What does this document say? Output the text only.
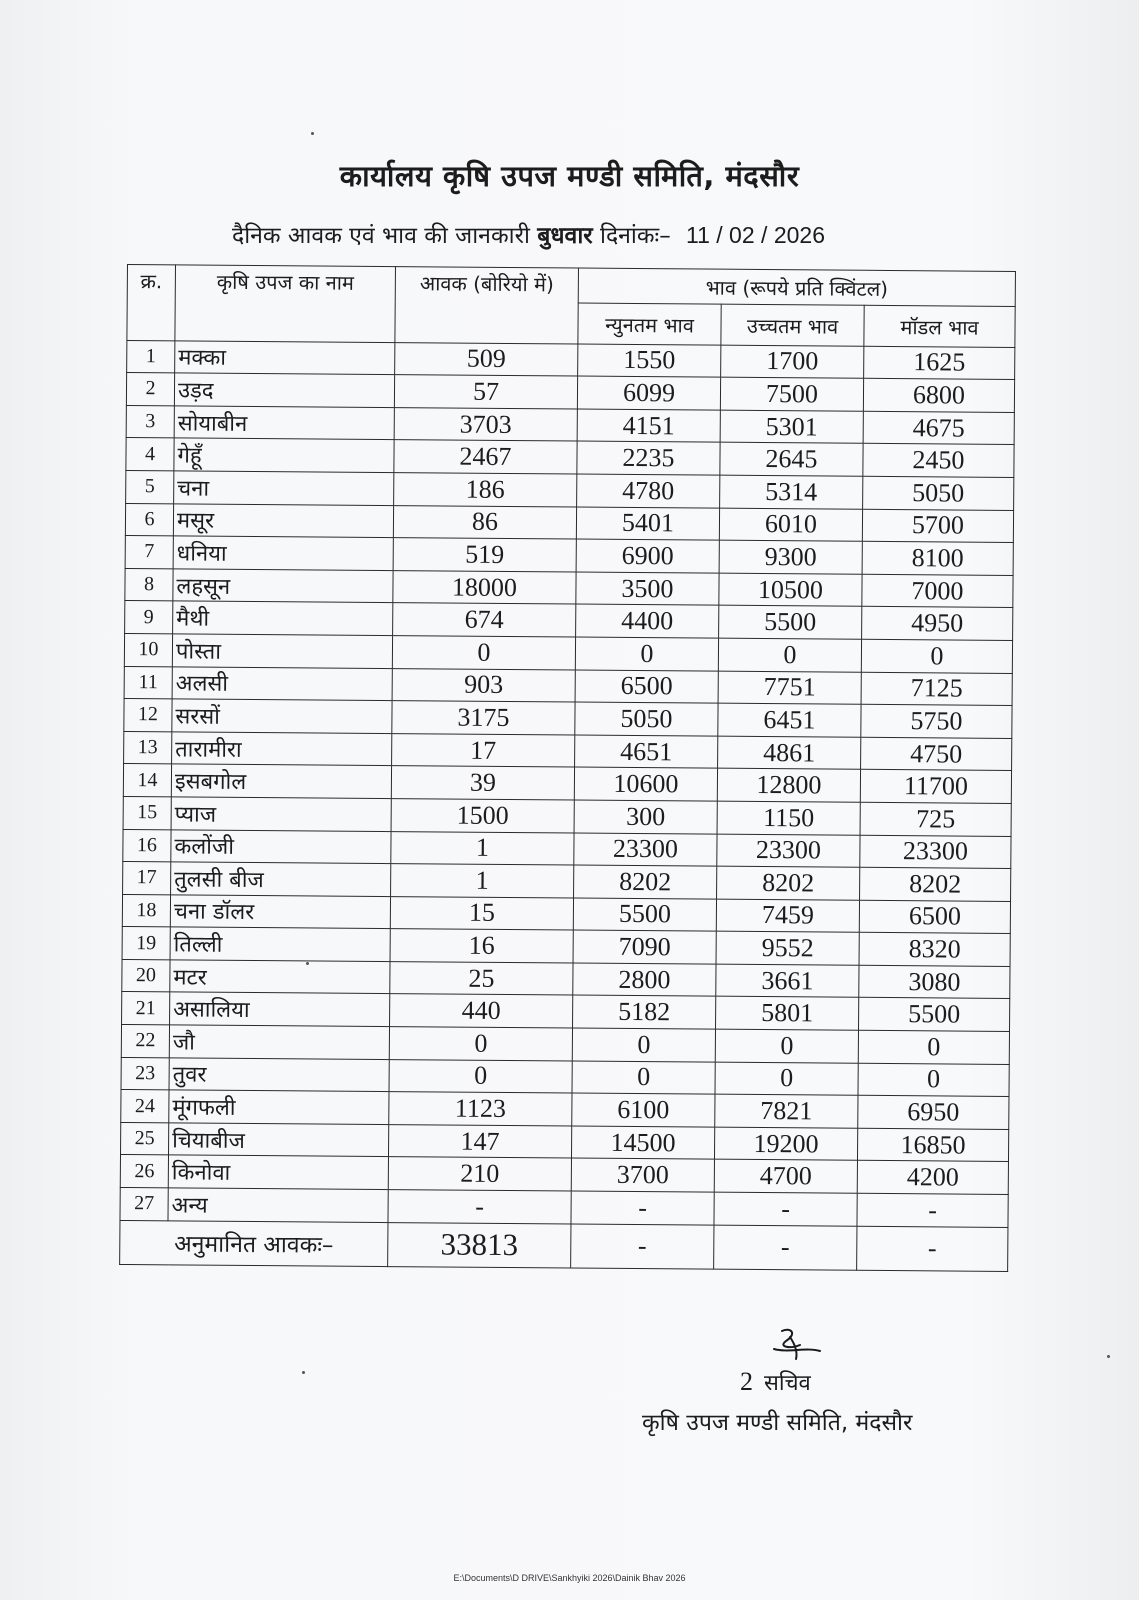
कार्यालय कृषि उपज मण्डी समिति, मंदसौर
दैनिक आवक एवं भाव की जानकारी बुधवार दिनांकः– 11 / 02 / 2026
क्र.	कृषि उपज का नाम	आवक (बोरियो में)	भाव (रूपये प्रति क्विंटल)		
			न्युनतम भाव	उच्चतम भाव	मॉडल भाव
1	मक्का	509	1550	1700	1625
2	उड़द	57	6099	7500	6800
3	सोयाबीन	3703	4151	5301	4675
4	गेहूँ	2467	2235	2645	2450
5	चना	186	4780	5314	5050
6	मसूर	86	5401	6010	5700
7	धनिया	519	6900	9300	8100
8	लहसून	18000	3500	10500	7000
9	मैथी	674	4400	5500	4950
10	पोस्ता	0	0	0	0
11	अलसी	903	6500	7751	7125
12	सरसों	3175	5050	6451	5750
13	तारामीरा	17	4651	4861	4750
14	इसबगोल	39	10600	12800	11700
15	प्याज	1500	300	1150	725
16	कलोंजी	1	23300	23300	23300
17	तुलसी बीज	1	8202	8202	8202
18	चना डॉलर	15	5500	7459	6500
19	तिल्ली	16	7090	9552	8320
20	मटर	25	2800	3661	3080
21	असालिया	440	5182	5801	5500
22	जौ	0	0	0	0
23	तुवर	0	0	0	0
24	मूंगफली	1123	6100	7821	6950
25	चियाबीज	147	14500	19200	16850
26	किनोवा	210	3700	4700	4200
27	अन्य	-	-	-	-
अनुमानित आवकः–		33813	-	-	-
2 सचिव
कृषि उपज मण्डी समिति, मंदसौर
E:\Documents\D DRIVE\Sankhyiki 2026\Dainik Bhav 2026
